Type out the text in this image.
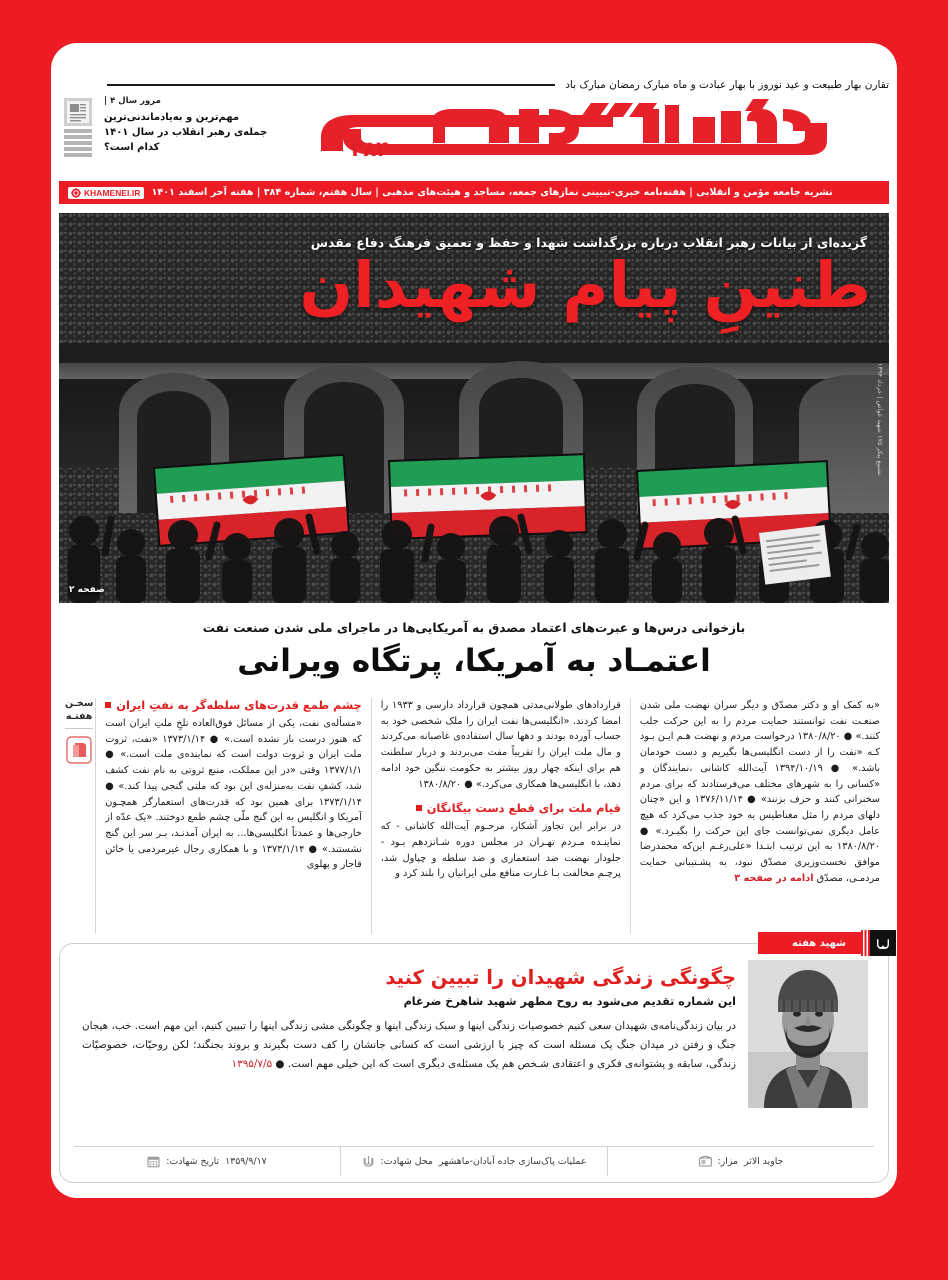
تقارن بهار طبیعت و عید نوروز با بهار عبادت و ماه مبارک رمضان مبارک باد
۳۸۴
مرور سال ۴ |
مهم‌ترین و به‌یادماندنی‌ترین
جمله‌ی رهبر انقلاب در سال ۱۴۰۱
کدام است؟
نشریه جامعه مؤمن و انقلابی | هفته‌نامه خبری-تبیینی نمازهای جمعه، مساجد و هیئت‌های مذهبی | سال هفتم، شماره ۳۸۴ | هفته آخر اسفند ۱۴۰۱
KHAMENEI.IR
گزیده‌ای از بیانات رهبر انقلاب درباره بزرگداشت شهدا و حفظ و تعمیق فرهنگ دفاع مقدس
طنینِ پیام شهیدان
صفحه ۲
تشییع پیکر ۱۷۵ شهید غواص | خرداد ۱۳۹۴
بازخوانی درس‌ها و عبرت‌های اعتماد مصدق به آمریکایی‌ها در ماجرای ملی شدن صنعت نفت
اعتمـاد به آمریکا، پرتگاه ویرانی
«به کمک او و دکتر مصدّق و دیگر سران نهضت ملی شدن صنعـت نفت توانستند حمایت مردم را به این حرکت جلب کنند.» ● ۱۳۸۰/۸/۲۰ درخواست مردم و نهضت هـم ایـن بـود کـه «نفت را از دست انگلیسی‌ها بگیریم و دست خودمان باشد.» ● ۱۳۹۴/۱۰/۱۹ آیت‌الله کاشانی ،نمایندگان و «کسانی را به شهرهای مختلف می‌فرستادند که برای مردم سخنرانی کنند و حرف بزنند» ● ۱۳۷۶/۱۱/۱۴ و این «چنان دلهای مردم را مثل مغناطیس به خود جذب می‌کرد که هیچ عامل دیگری نمی‌توانست جای این حرکت را بگیـرد.» ● ۱۳۸۰/۸/۲۰ به این ترتیب ابتـدا «علی‌رغـم این‌که محمدرضا موافق نخست‌وزیری مصدّق نبود، به پشـتیبانی حمایت مردمـی، مصدّق ادامه در صفحه ۳
قراردادهای طولانی‌مدتی همچون قرارداد دارسی و ۱۹۳۳ را امضا کردند. «انگلیسی‌ها نفت ایران را ملک شخصی خود به حساب آورده بودند و دهها سال استفاده‌ی غاصبانه می‌کردند و مال ملت ایران را تقریباً مفت می‌بردند و دربار سلطنت هم برای اینکه چهار روز بیشتر به حکومت ننگین خود ادامه دهد، با انگلیسی‌ها همکاری می‌کرد.» ● ۱۳۸۰/۸/۲۰
قیام ملت برای قطع دست بیگانگان
در برابر این تجاوز آشکار، مرحـوم آیت‌الله کاشانی - که نماینـده مـردم تهـران در مجلس دوره شـانزدهم بـود - جلودار نهضت ضد استعماری و ضد سلطه و چپاول شد، پرچـم مخالفت بـا غـارت منافع ملی ایرانیان را بلند کرد و
چشم طمع قدرت‌های سلطه‌گر به نفتِ ایران
«مسأله‌ی نفت، یکی از مسائل فوق‌العاده تلخِ ملتِ ایران است که هنوز درست باز نشده است.» ● ۱۳۷۳/۱/۱۴ «نفت، ثروت ملت ایران و ثروت دولت است که نماینده‌ی ملت است.» ● ۱۳۷۷/۱/۱ وقتی «در این مملکت، منبع ثروتی به نام نفت کشف شد، کشفِ نفت به‌منزله‌ی این بود که ملتی گنجی پیدا کند.» ● ۱۳۷۳/۱/۱۴ برای همین بود که قدرت‌های استعمارگر همچـون آمریکا و انگلیس به این گنج ملّی چشم طمع دوختند. «یک عدّه از خارجی‌ها و عمدتاً انگلیسی‌ها... به ایران آمدنـد، بـر سر این گنج نشستند.» ● ۱۳۷۳/۱/۱۴ و با همکاری رجال غیرمردمی یا خائن قاجار و پهلوی
سخـن
هفتـه
شهید هفته
چگونگی زندگی شهیدان را تبیین کنید
این شماره تقدیم می‌شود به روح مطهر شهید شاهرخ ضرغام
در بیان زندگی‌نامه‌ی شهیدان سعی کنیم خصوصیات زندگی اینها و سبک زندگی اینها و چگونگی مشی زندگی اینها را تبیین کنیم، این مهم است. خب، هیجان جنگ و رفتن در میدان جنگ یک مسئله است که چیز با ارزشی است که کسانی جانشان را کف دست بگیرند و بروند بجنگند؛ لکن روحیّات، خصوصیّات زندگی، سابقه و پشتوانه‌ی فکری و اعتقادی شـخص هم یک مسئله‌ی دیگری است که این خیلی مهم است. ● ۱۳۹۵/۷/۵
مزار: جاوید الاثر
محل شهادت: عملیات پاک‌سازی جاده آبادان-ماهشهر
تاریخ شهادت: ۱۳۵۹/۹/۱۷
